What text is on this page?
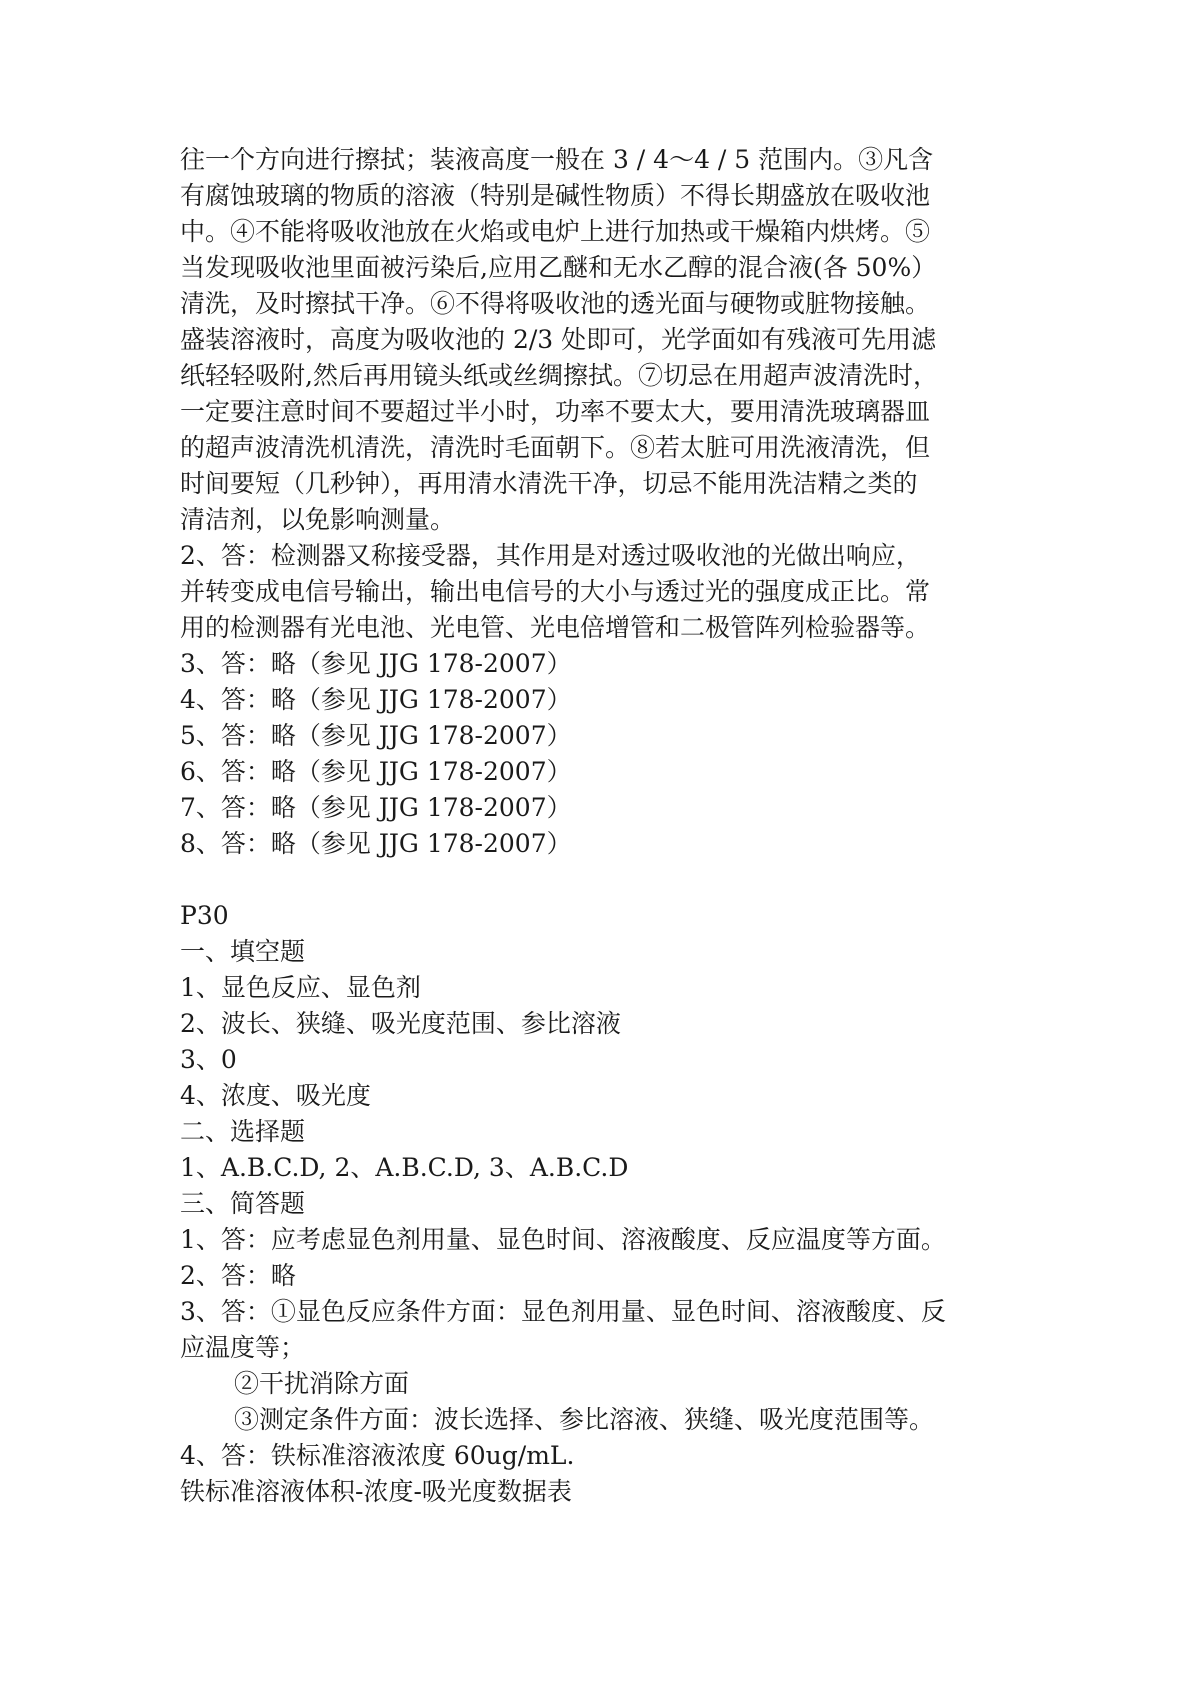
往一个方向进行擦拭；装液高度一般在 3 / 4～4 / 5 范围内。③凡含
有腐蚀玻璃的物质的溶液（特别是碱性物质）不得长期盛放在吸收池
中。④不能将吸收池放在火焰或电炉上进行加热或干燥箱内烘烤。⑤
当发现吸收池里面被污染后,应用乙醚和无水乙醇的混合液(各 50%）
清洗，及时擦拭干净。⑥不得将吸收池的透光面与硬物或脏物接触。
盛装溶液时，高度为吸收池的 2/3 处即可，光学面如有残液可先用滤
纸轻轻吸附,然后再用镜头纸或丝绸擦拭。⑦切忌在用超声波清洗时，
一定要注意时间不要超过半小时，功率不要太大，要用清洗玻璃器皿
的超声波清洗机清洗，清洗时毛面朝下。⑧若太脏可用洗液清洗，但
时间要短（几秒钟），再用清水清洗干净，切忌不能用洗洁精之类的
清洁剂，以免影响测量。
2、答：检测器又称接受器，其作用是对透过吸收池的光做出响应，
并转变成电信号输出，输出电信号的大小与透过光的强度成正比。常
用的检测器有光电池、光电管、光电倍增管和二极管阵列检验器等。
3、答：略（参见 JJG 178-2007）
4、答：略（参见 JJG 178-2007）
5、答：略（参见 JJG 178-2007）
6、答：略（参见 JJG 178-2007）
7、答：略（参见 JJG 178-2007）
8、答：略（参见 JJG 178-2007）
P30
一、填空题
1、显色反应、显色剂
2、波长、狭缝、吸光度范围、参比溶液
3、0
4、浓度、吸光度
二、选择题
1、A.B.C.D, 2、A.B.C.D, 3、A.B.C.D
三、简答题
1、答：应考虑显色剂用量、显色时间、溶液酸度、反应温度等方面。
2、答：略
3、答：①显色反应条件方面：显色剂用量、显色时间、溶液酸度、反
应温度等；
②干扰消除方面
③测定条件方面：波长选择、参比溶液、狭缝、吸光度范围等。
4、答：铁标准溶液浓度 60ug/mL.
铁标准溶液体积-浓度-吸光度数据表
